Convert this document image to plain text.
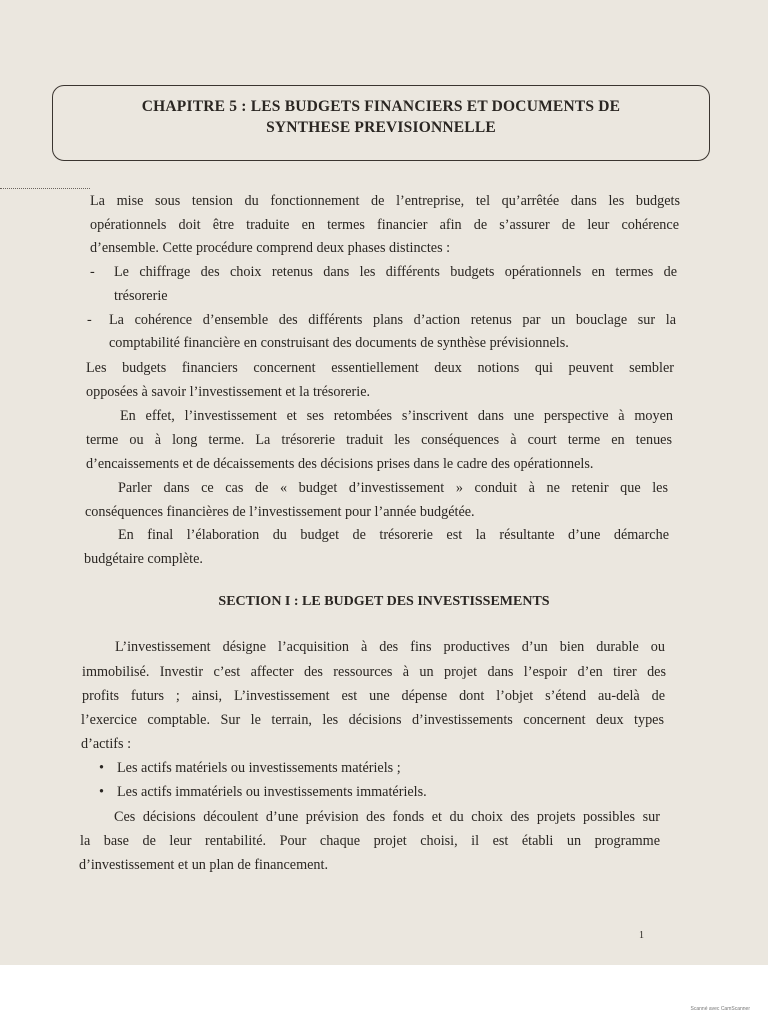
CHAPITRE 5 : LES BUDGETS FINANCIERS ET DOCUMENTS DE
SYNTHESE PREVISIONNELLE
La mise sous tension du fonctionnement de l’entreprise, tel qu’arrêtée dans les budgets
opérationnels doit être traduite en termes financier afin de s’assurer de leur cohérence
d’ensemble. Cette procédure comprend deux phases distinctes :
- Le chiffrage des choix retenus dans les différents budgets opérationnels en termes de
trésorerie
- La cohérence d’ensemble des différents plans d’action retenus par un bouclage sur la
comptabilité financière en construisant des documents de synthèse prévisionnels.
Les budgets financiers concernent essentiellement deux notions qui peuvent sembler
opposées à savoir l’investissement et la trésorerie.
En effet, l’investissement et ses retombées s’inscrivent dans une perspective à moyen
terme ou à long terme. La trésorerie traduit les conséquences à court terme en tenues
d’encaissements et de décaissements des décisions prises dans le cadre des opérationnels.
Parler dans ce cas de « budget d’investissement » conduit à ne retenir que les
conséquences financières de l’investissement pour l’année budgétée.
En final l’élaboration du budget de trésorerie est la résultante d’une démarche
budgétaire complète.
SECTION I : LE BUDGET DES INVESTISSEMENTS
L’investissement désigne l’acquisition à des fins productives d’un bien durable ou
immobilisé. Investir c’est affecter des ressources à un projet dans l’espoir d’en tirer des
profits futurs ; ainsi, L’investissement est une dépense dont l’objet s’étend au-delà de
l’exercice comptable. Sur le terrain, les décisions d’investissements concernent deux types
d’actifs :
• Les actifs matériels ou investissements matériels ;
• Les actifs immatériels ou investissements immatériels.
Ces décisions découlent d’une prévision des fonds et du choix des projets possibles sur
la base de leur rentabilité. Pour chaque projet choisi, il est établi un programme
d’investissement et un plan de financement.
1
Scanné avec CamScanner
